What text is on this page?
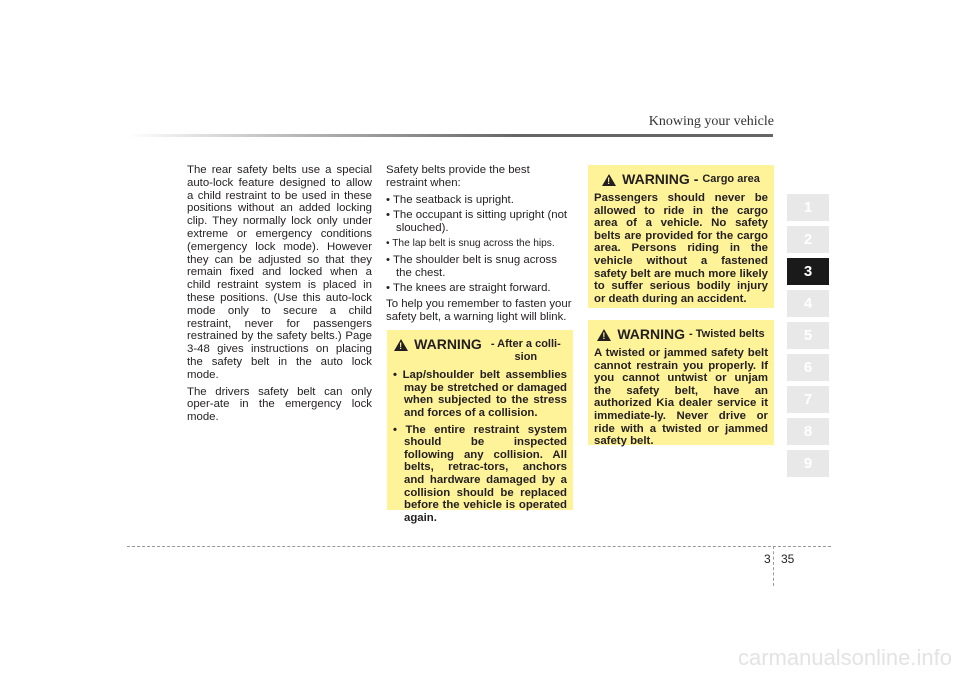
Knowing your vehicle

The rear safety belts use a special auto-lock feature designed to allow a child restraint to be used in these positions without an added locking clip. They normally lock only under extreme or emergency conditions (emergency lock mode). However they can be adjusted so that they remain fixed and locked when a child restraint system is placed in these positions. (Use this auto-lock mode only to secure a child restraint, never for passengers restrained by the safety belts.) Page 3-48 gives instructions on placing the safety belt in the auto lock mode.

The drivers safety belt can only oper-ate in the emergency lock mode.

Safety belts provide the best restraint when:

• The seatback is upright.
• The occupant is sitting upright (not slouched).
• The lap belt is snug across the hips.
• The shoulder belt is snug across the chest.
• The knees are straight forward.

To help you remember to fasten your safety belt, a warning light will blink.

!
WARNING - After a colli-sion
• Lap/shoulder belt assemblies may be stretched or damaged when subjected to the stress and forces of a collision.
• The entire restraint system should be inspected following any collision. All belts, retrac-tors, anchors and hardware damaged by a collision should be replaced before the vehicle is operated again.
!
WARNING - Cargo area
Passengers should never be allowed to ride in the cargo area of a vehicle. No safety belts are provided for the cargo area. Persons riding in the vehicle without a fastened safety belt are much more likely to suffer serious bodily injury or death during an accident.
!
WARNING - Twisted belts
A twisted or jammed safety belt cannot restrain you properly. If you cannot untwist or unjam the safety belt, have an authorized Kia dealer service it immediate-ly. Never drive or ride with a twisted or jammed safety belt.
1
2
3
4
5
6
7
8
9
3 35
carmanualsonline.info
